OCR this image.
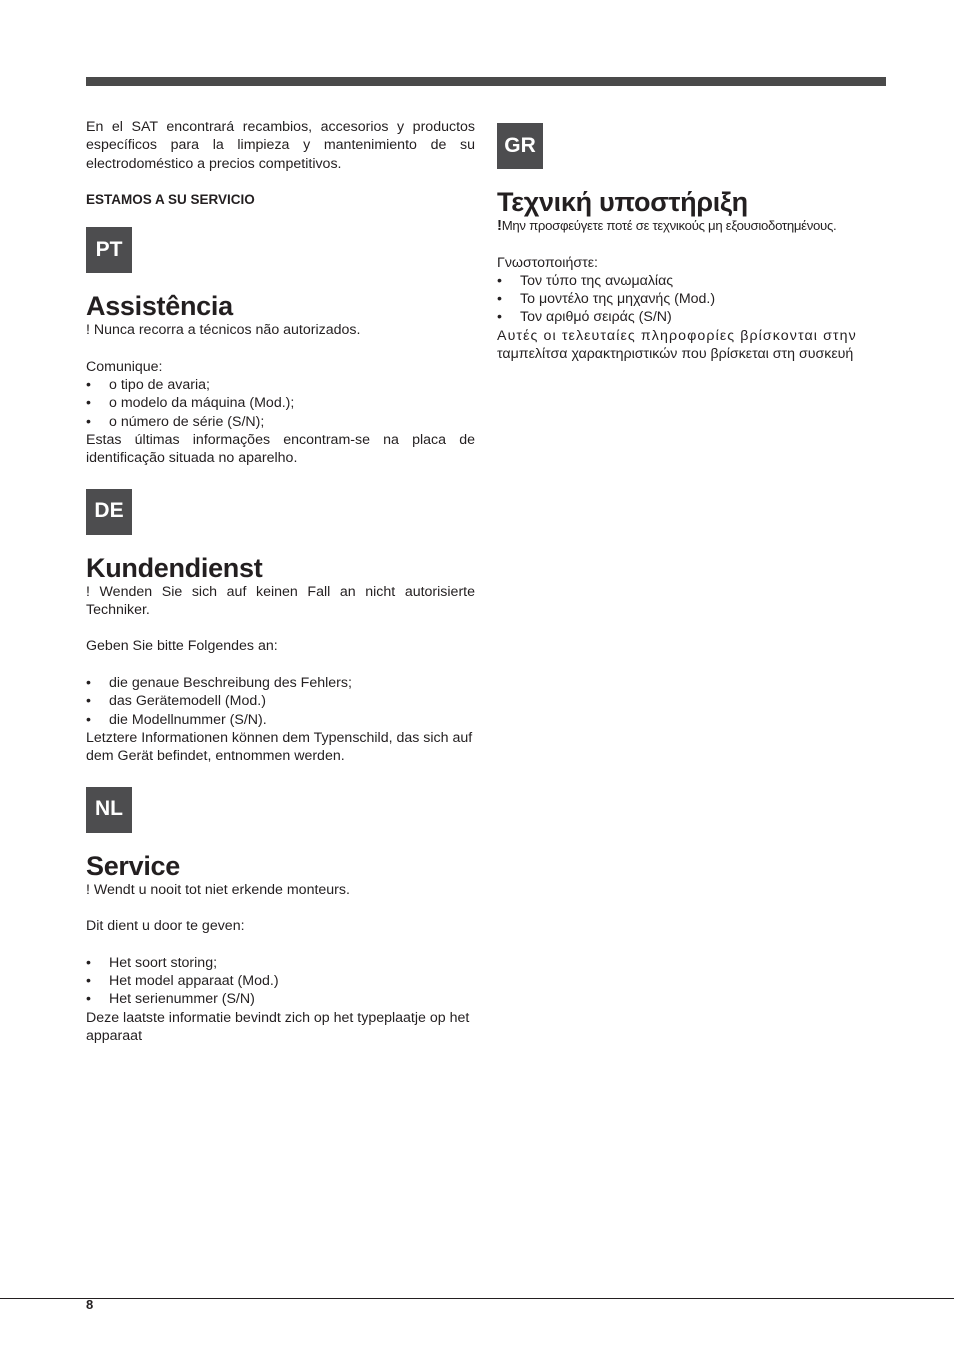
En el SAT encontrará recambios, accesorios y productos específicos para la limpieza y mantenimiento de su electrodoméstico a precios competitivos.

ESTAMOS A SU SERVICIO

PT
Assistência

! Nunca recorra a técnicos não autorizados.

Comunique:

• o tipo de avaria;
• o modelo da máquina (Mod.);
• o número de série (S/N);

Estas últimas informações encontram-se na placa de identificação situada no aparelho.

DE
Kundendienst

! Wenden Sie sich auf keinen Fall an nicht autorisierte Techniker.

Geben Sie bitte Folgendes an:

• die genaue Beschreibung des Fehlers;
• das Gerätemodell (Mod.)
• die Modellnummer (S/N).

Letztere Informationen können dem Typenschild, das sich auf dem Gerät befindet, entnommen werden.

NL
Service

! Wendt u nooit tot niet erkende monteurs.

Dit dient u door te geven:

• Het soort storing;
• Het model apparaat (Mod.)
• Het serienummer (S/N)

Deze laatste informatie bevindt zich op het typeplaatje op het apparaat

GR
Τεχνική υποστήριξη

!Μην προσφεύγετε ποτέ σε τεχνικούς μη εξουσιοδοτημένους.

Γνωστοποιήστε:

• Τον τύπο της ανωμαλίας
• Το μοντέλο της μηχανής (Mod.)
• Τον αριθμό σειράς (S/N)

Αυτές οι τελευταίες πληροφορίες βρίσκονται στην

ταμπελίτσα χαρακτηριστικών που βρίσκεται στη συσκευή

8
